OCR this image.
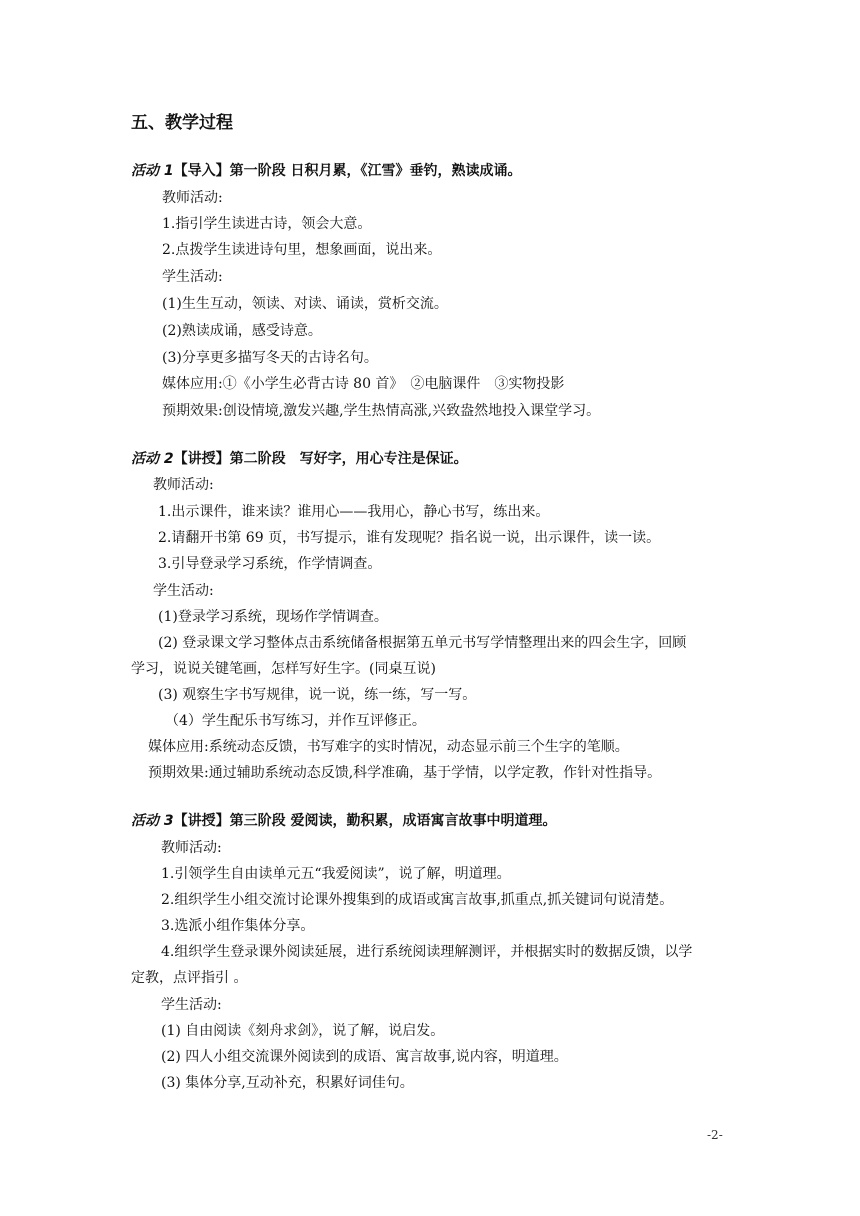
五、教学过程
活动 1【导入】第一阶段 日积月累，《江雪》垂钓，熟读成诵。
教师活动:
1.指引学生读进古诗，领会大意。
2.点拨学生读进诗句里，想象画面，说出来。
学生活动:
(1)生生互动，领读、对读、诵读，赏析交流。
(2)熟读成诵，感受诗意。
(3)分享更多描写冬天的古诗名句。
媒体应用:①《小学生必背古诗 80 首》　②电脑课件　③实物投影
预期效果:创设情境,激发兴趣,学生热情高涨,兴致盎然地投入课堂学习。
活动 2【讲授】第二阶段　写好字，用心专注是保证。
教师活动:
1.出示课件，谁来读？谁用心——我用心，静心书写，练出来。
2.请翻开书第 69 页，书写提示，谁有发现呢？指名说一说，出示课件，读一读。
3.引导登录学习系统，作学情调查。
学生活动:
(1)登录学习系统，现场作学情调查。
(2) 登录课文学习整体点击系统储备根据第五单元书写学情整理出来的四会生字，回顾
学习，说说关键笔画，怎样写好生字。(同桌互说)
(3) 观察生字书写规律，说一说，练一练，写一写。
（4）学生配乐书写练习，并作互评修正。
媒体应用:系统动态反馈，书写难字的实时情况，动态显示前三个生字的笔顺。
预期效果:通过辅助系统动态反馈,科学准确，基于学情，以学定教，作针对性指导。
活动 3【讲授】第三阶段 爱阅读，勤积累，成语寓言故事中明道理。
教师活动:
1.引领学生自由读单元五“我爱阅读”，说了解，明道理。
2.组织学生小组交流讨论课外搜集到的成语或寓言故事,抓重点,抓关键词句说清楚。
3.选派小组作集体分享。
4.组织学生登录课外阅读延展，进行系统阅读理解测评，并根据实时的数据反馈，以学
定教，点评指引 。
学生活动:
(1) 自由阅读《刻舟求剑》，说了解，说启发。
(2) 四人小组交流课外阅读到的成语、寓言故事,说内容，明道理。
(3) 集体分享,互动补充，积累好词佳句。
-2-
